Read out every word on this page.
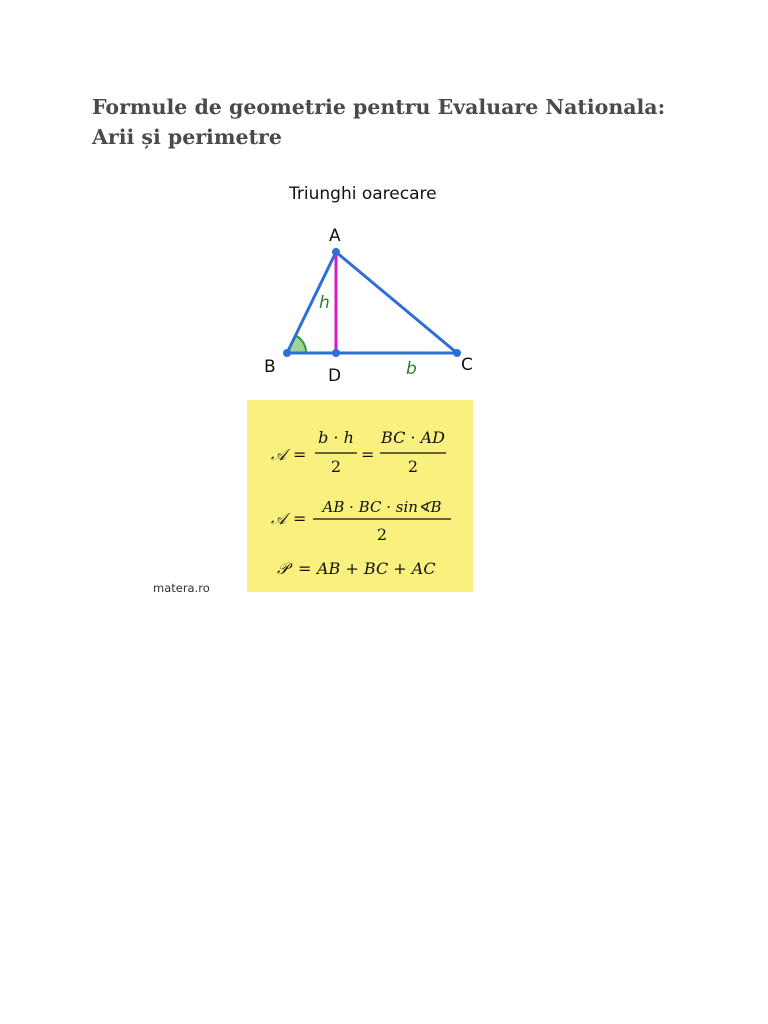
Formule de geometrie pentru Evaluare Nationala:
Arii și perimetre
Triunghi oarecare
A
B	C
D
h
b
𝒜 =
b · h
2
=
BC · AD
2
𝒜 =
AB · BC · sin∢B
2
𝒫 = AB + BC + AC
matera.ro
